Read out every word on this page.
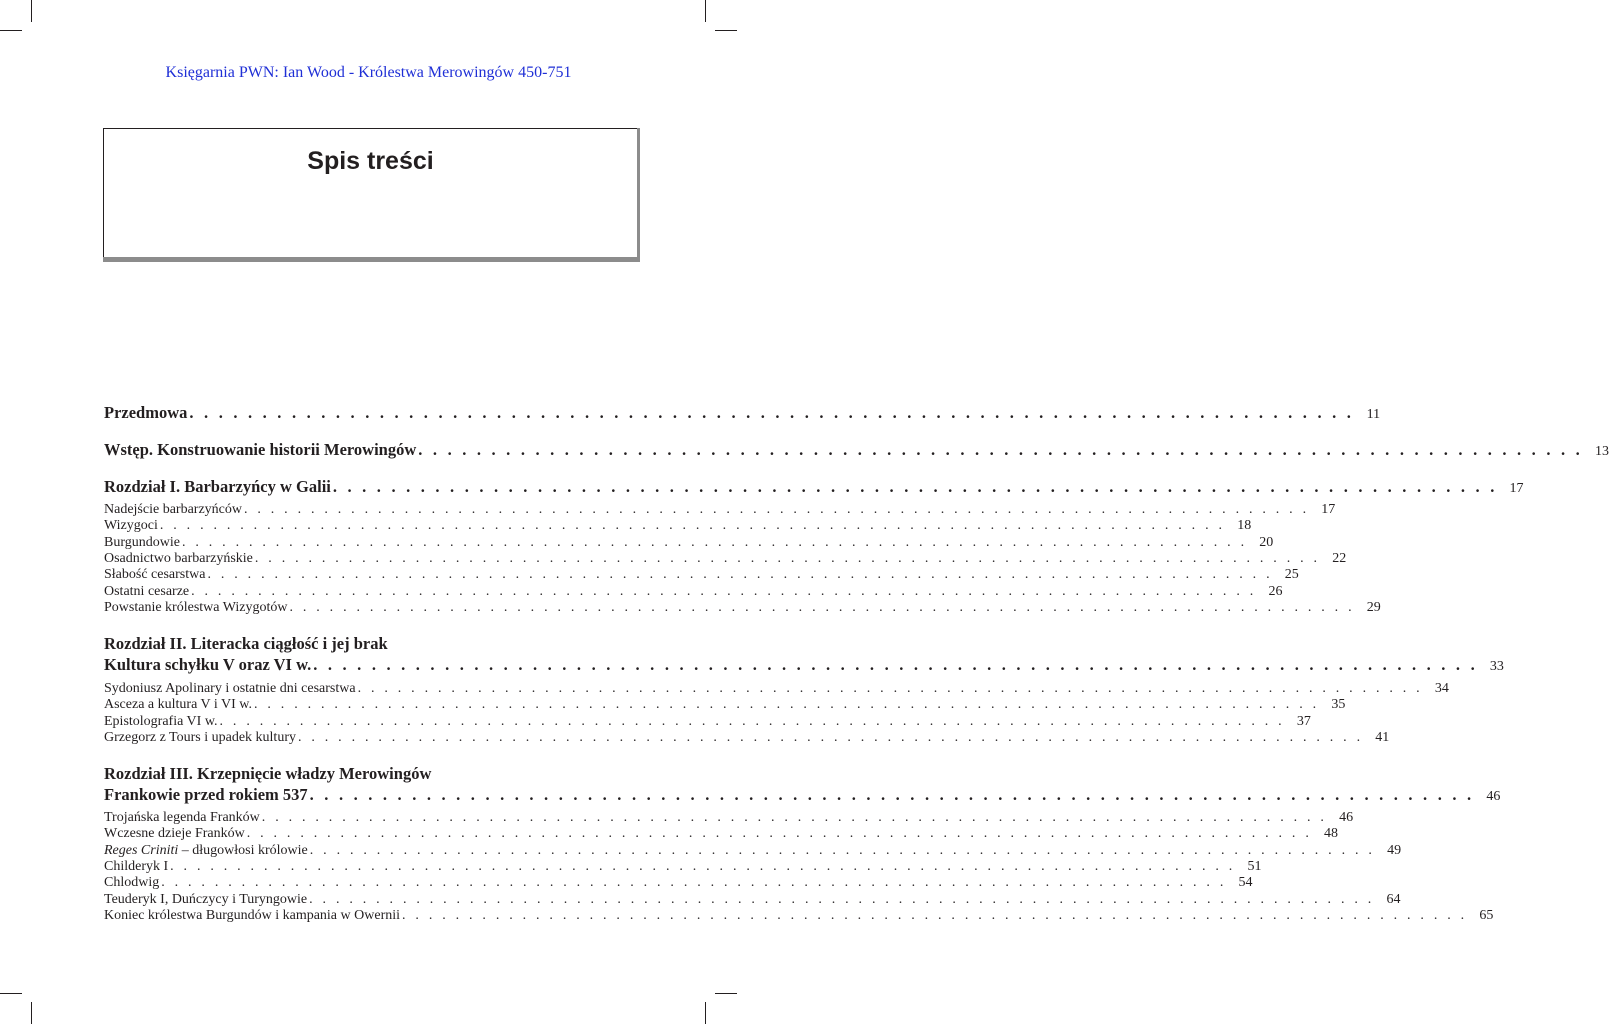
Księgarnia PWN: Ian Wood - Królestwa Merowingów 450-751
Spis treści
Przedmowa . . . . . . . . . . . . . . . . . . . . . . . . . . . . . . . . . . . . . . . . . . . . . . . . . . . . . . . . . . . . . . . . . . . . . . . . . . . . . . . . 11
Wstęp. Konstruowanie historii Merowingów . . . . . . . . . . . . . . . . . . . . . . . . . . . . . . . . . . . . . . . . . . . . . . . . . . . . . . . . . . . . . . . . . . . . . . . . . . . . . . . . 13
Rozdział I. Barbarzyńcy w Galii . . . . . . . . . . . . . . . . . . . . . . . . . . . . . . . . . . . . . . . . . . . . . . . . . . . . . . . . . . . . . . . . . . . . . . . . . . . . . . . . 17
Nadejście barbarzyńców . . . . . . . . . . . . . . . . . . . . . . . . . . . . . . . . . . . . . . . . . . . . . . . . . . . . . . . . . . . . . . . . . . . . . . . . . . . . . . . . 17
Wizygoci . . . . . . . . . . . . . . . . . . . . . . . . . . . . . . . . . . . . . . . . . . . . . . . . . . . . . . . . . . . . . . . . . . . . . . . . . . . . . . . . 18
Burgundowie . . . . . . . . . . . . . . . . . . . . . . . . . . . . . . . . . . . . . . . . . . . . . . . . . . . . . . . . . . . . . . . . . . . . . . . . . . . . . . . . 20
Osadnictwo barbarzyńskie . . . . . . . . . . . . . . . . . . . . . . . . . . . . . . . . . . . . . . . . . . . . . . . . . . . . . . . . . . . . . . . . . . . . . . . . . . . . . . . . 22
Słabość cesarstwa . . . . . . . . . . . . . . . . . . . . . . . . . . . . . . . . . . . . . . . . . . . . . . . . . . . . . . . . . . . . . . . . . . . . . . . . . . . . . . . . 25
Ostatni cesarze . . . . . . . . . . . . . . . . . . . . . . . . . . . . . . . . . . . . . . . . . . . . . . . . . . . . . . . . . . . . . . . . . . . . . . . . . . . . . . . . 26
Powstanie królestwa Wizygotów . . . . . . . . . . . . . . . . . . . . . . . . . . . . . . . . . . . . . . . . . . . . . . . . . . . . . . . . . . . . . . . . . . . . . . . . . . . . . . . . 29
Rozdział II. Literacka ciągłość i jej brak
Kultura schyłku V oraz VI w. . . . . . . . . . . . . . . . . . . . . . . . . . . . . . . . . . . . . . . . . . . . . . . . . . . . . . . . . . . . . . . . . . . . . . . . . . . . . . . . . 33
Sydoniusz Apolinary i ostatnie dni cesarstwa . . . . . . . . . . . . . . . . . . . . . . . . . . . . . . . . . . . . . . . . . . . . . . . . . . . . . . . . . . . . . . . . . . . . . . . . . . . . . . . . 34
Asceza a kultura V i VI w. . . . . . . . . . . . . . . . . . . . . . . . . . . . . . . . . . . . . . . . . . . . . . . . . . . . . . . . . . . . . . . . . . . . . . . . . . . . . . . . . 35
Epistolografia VI w. . . . . . . . . . . . . . . . . . . . . . . . . . . . . . . . . . . . . . . . . . . . . . . . . . . . . . . . . . . . . . . . . . . . . . . . . . . . . . . . . 37
Grzegorz z Tours i upadek kultury . . . . . . . . . . . . . . . . . . . . . . . . . . . . . . . . . . . . . . . . . . . . . . . . . . . . . . . . . . . . . . . . . . . . . . . . . . . . . . . . 41
Rozdział III. Krzepnięcie władzy Merowingów
Frankowie przed rokiem 537 . . . . . . . . . . . . . . . . . . . . . . . . . . . . . . . . . . . . . . . . . . . . . . . . . . . . . . . . . . . . . . . . . . . . . . . . . . . . . . . . 46
Trojańska legenda Franków . . . . . . . . . . . . . . . . . . . . . . . . . . . . . . . . . . . . . . . . . . . . . . . . . . . . . . . . . . . . . . . . . . . . . . . . . . . . . . . . 46
Wczesne dzieje Franków . . . . . . . . . . . . . . . . . . . . . . . . . . . . . . . . . . . . . . . . . . . . . . . . . . . . . . . . . . . . . . . . . . . . . . . . . . . . . . . . 48
Reges Criniti – długowłosi królowie . . . . . . . . . . . . . . . . . . . . . . . . . . . . . . . . . . . . . . . . . . . . . . . . . . . . . . . . . . . . . . . . . . . . . . . . . . . . . . . . 49
Childeryk I . . . . . . . . . . . . . . . . . . . . . . . . . . . . . . . . . . . . . . . . . . . . . . . . . . . . . . . . . . . . . . . . . . . . . . . . . . . . . . . . 51
Chlodwig . . . . . . . . . . . . . . . . . . . . . . . . . . . . . . . . . . . . . . . . . . . . . . . . . . . . . . . . . . . . . . . . . . . . . . . . . . . . . . . . 54
Teuderyk I, Duńczycy i Turyngowie . . . . . . . . . . . . . . . . . . . . . . . . . . . . . . . . . . . . . . . . . . . . . . . . . . . . . . . . . . . . . . . . . . . . . . . . . . . . . . . . 64
Koniec królestwa Burgundów i kampania w Owernii . . . . . . . . . . . . . . . . . . . . . . . . . . . . . . . . . . . . . . . . . . . . . . . . . . . . . . . . . . . . . . . . . . . . . . . . . . . . . . . . 65
